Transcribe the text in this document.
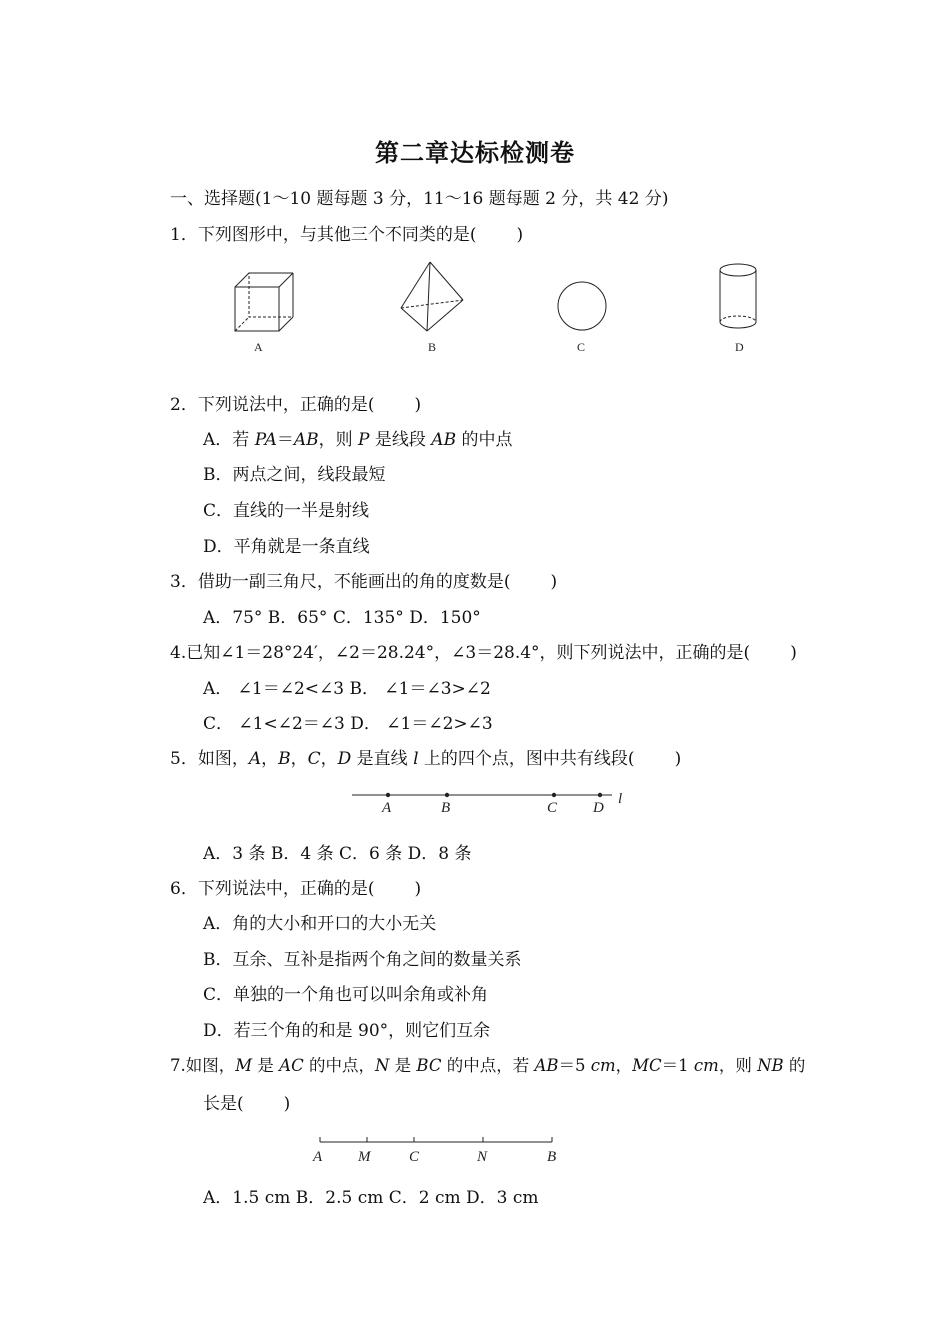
第二章达标检测卷
一、选择题(1～10 题每题 3 分，11～16 题每题 2 分，共 42 分)
1．下列图形中，与其他三个不同类的是( )
A	B	C	D
2．下列说法中，正确的是( )
A．若 PA＝AB，则 P 是线段 AB 的中点
B．两点之间，线段最短
C．直线的一半是射线
D．平角就是一条直线
3．借助一副三角尺，不能画出的角的度数是( )
A．75° B．65° C．135° D．150°
4.已知∠1＝28°24′，∠2＝28.24°，∠3＝28.4°，则下列说法中，正确的是( )
A． ∠1＝∠2<∠3 B． ∠1＝∠3>∠2
C． ∠1<∠2＝∠3 D． ∠1＝∠2>∠3
5．如图，A，B，C，D 是直线 l 上的四个点，图中共有线段( )
A	B	C D
l
A．3 条 B．4 条 C．6 条 D．8 条
6．下列说法中，正确的是( )
A．角的大小和开口的大小无关
B．互余、互补是指两个角之间的数量关系
C．单独的一个角也可以叫余角或补角
D．若三个角的和是 90°，则它们互余
7.如图，M 是 AC 的中点，N 是 BC 的中点，若 AB＝5 cm，MC＝1 cm，则 NB 的
长是( )
A M	C	N	B
A．1.5 cm B．2.5 cm C．2 cm D．3 cm
